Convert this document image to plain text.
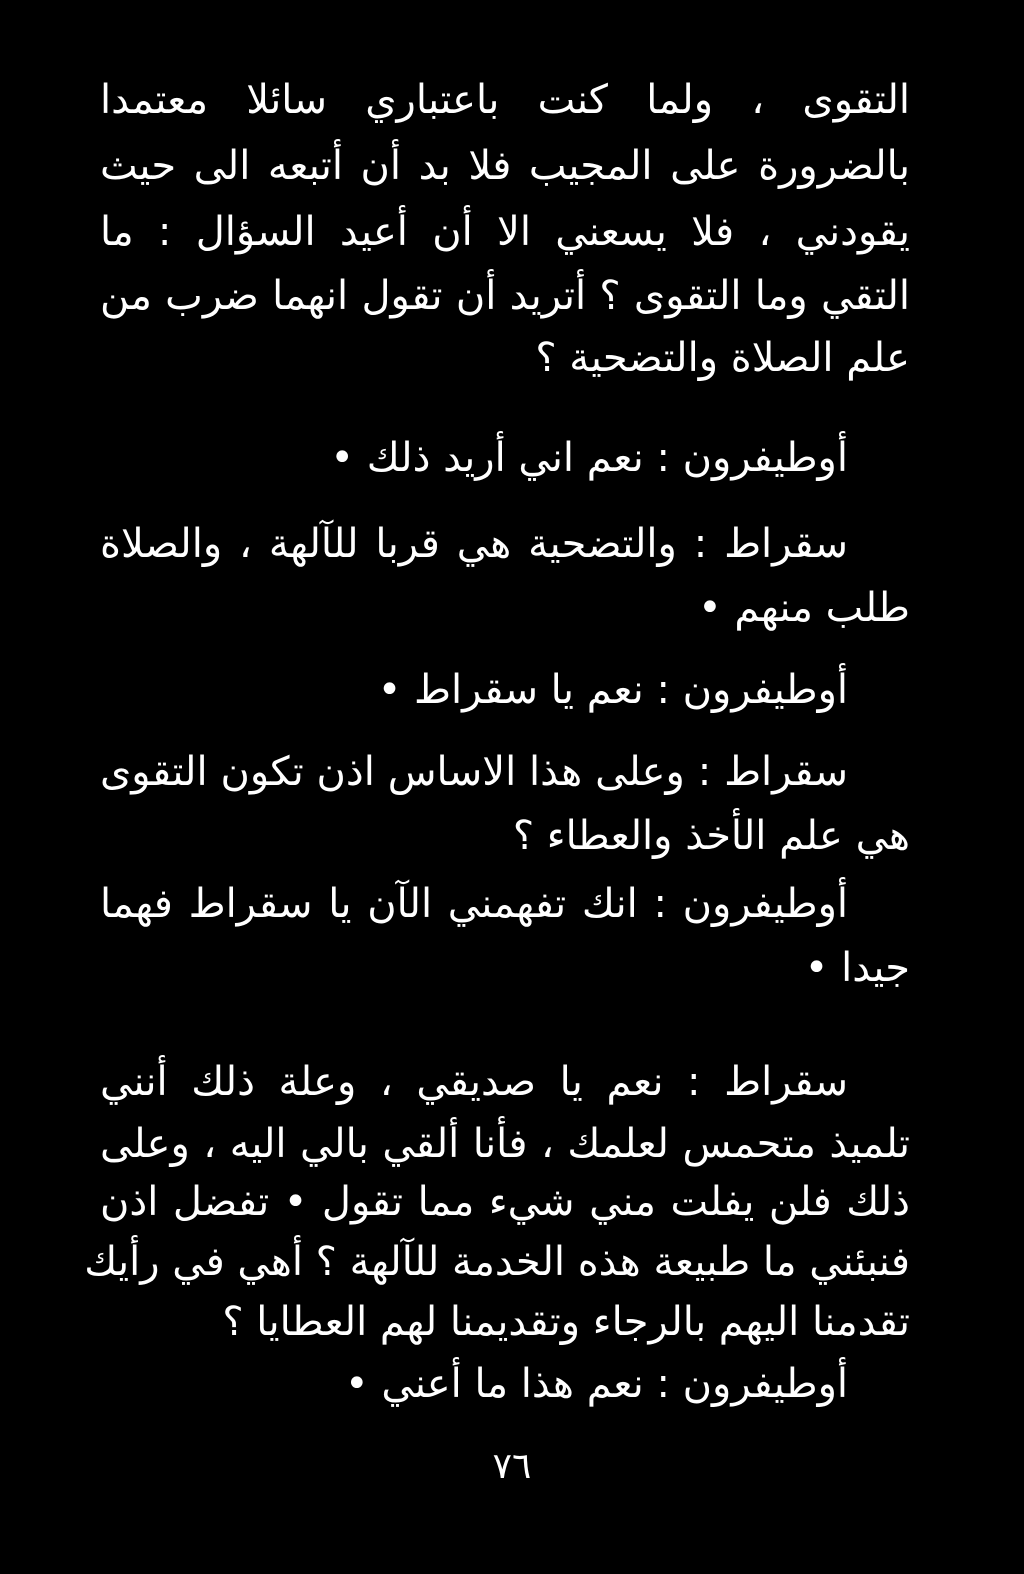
التقوى ، ولما كنت باعتباري سائلا معتمدا
بالضرورة على المجيب فلا بد أن أتبعه الى حيث
يقودني ، فلا يسعني الا أن أعيد السؤال : ما
التقي وما التقوى ؟ أتريد أن تقول انهما ضرب من
علم الصلاة والتضحية ؟
أوطيفرون : نعم اني أريد ذلك •
سقراط : والتضحية هي قربا للآلهة ، والصلاة
طلب منهم •
أوطيفرون : نعم يا سقراط •
سقراط : وعلى هذا الاساس اذن تكون التقوى
هي علم الأخذ والعطاء ؟
أوطيفرون : انك تفهمني الآن يا سقراط فهما
جيدا •
سقراط : نعم يا صديقي ، وعلة ذلك أنني
تلميذ متحمس لعلمك ، فأنا ألقي بالي اليه ، وعلى
ذلك فلن يفلت مني شيء مما تقول • تفضل اذن
فنبئني ما طبيعة هذه الخدمة للآلهة ؟ أهي في رأيك
تقدمنا اليهم بالرجاء وتقديمنا لهم العطايا ؟
أوطيفرون : نعم هذا ما أعني •
٧٦
